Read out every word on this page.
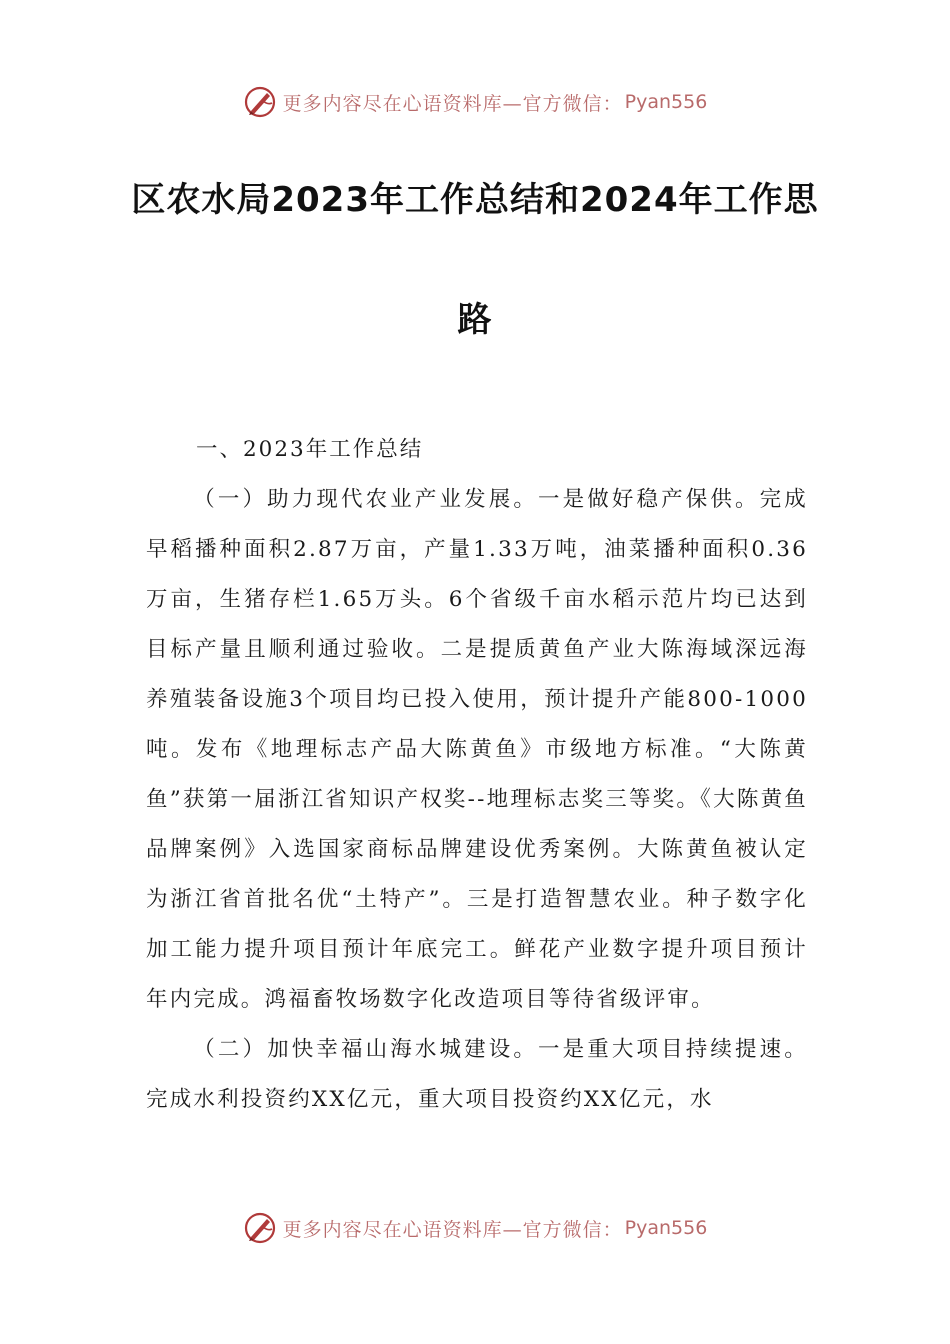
更多内容尽在心语资料库—官方微信： Pyan556
区农水局2023年工作总结和2024年工作思
路

一、2023年工作总结

（一）助力现代农业产业发展。一是做好稳产保供。完成早稻播种面积2.87万亩，产量1.33万吨，油菜播种面积0.36万亩，生猪存栏1.65万头。6个省级千亩水稻示范片均已达到目标产量且顺利通过验收。二是提质黄鱼产业大陈海域深远海养殖装备设施3个项目均已投入使用，预计提升产能800-1000吨。发布《地理标志产品大陈黄鱼》市级地方标准。“大陈黄鱼”获第一届浙江省知识产权奖--地理标志奖三等奖。《大陈黄鱼品牌案例》入选国家商标品牌建设优秀案例。大陈黄鱼被认定为浙江省首批名优“土特产”。三是打造智慧农业。种子数字化加工能力提升项目预计年底完工。鲜花产业数字提升项目预计年内完成。鸿福畜牧场数字化改造项目等待省级评审。

（二）加快幸福山海水城建设。一是重大项目持续提速。完成水利投资约XX亿元，重大项目投资约XX亿元，水

更多内容尽在心语资料库—官方微信： Pyan556
